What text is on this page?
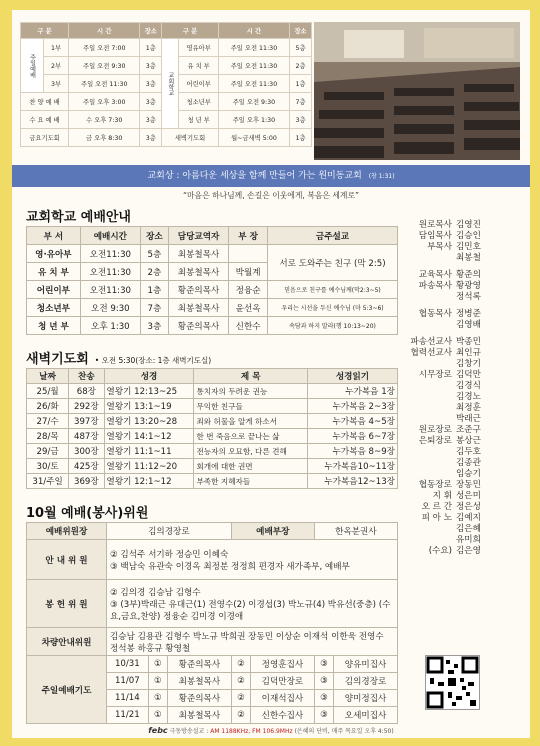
구 분		시 간	장소	구 분		시 간	장소
주일예배	1부	주일 오전 7:00	1층	교회학교	영유아부	주일 오전 11:30	5층
	2부	주일 오전 9:30	3층		유 치 부	주일 오전 11:30	2층
	3부	주일 오전 11:30	3층		어린이부	주일 오전 11:30	1층
찬 양 예 배		주일 오후 3:00	3층		청소년부	주일 오전 9:30	7층
수 요 예 배		수 오후 7:30	3층		청 년 부	주일 오후 1:30	3층
금요기도회		금 오후 8:30	3층	새벽기도회		월~금새벽 5:00	1층
교회상 : 아름다운 세상을 함께 만들어 가는 원미동교회 (창 1:31)
“마음은 하나님께, 손길은 이웃에게, 복음은 세계로”
교회학교 예배안내
부 서	예배시간	장소	담당교역자	부 장	금주설교
영·유아부	오전11:30	5층	최봉철목사		서로 도와주는 친구 (막 2:5)
유 치 부	오전11:30	2층	최봉철목사	박월계	
어린이부	오전11:30	1층	황준의목사	정융순	믿음으로 친구를 예수님께(막2:3~5)
청소년부	오전 9:30	7층	최봉철목사	윤선옥	우리는 시선을 두신 예수님 (마 5:3~6)
청 년 부	오후 1:30	3층	황준의목사	신한수	속담과 하지 말라(행 10:13~20)
새벽기도회 • 오전 5:30(장소: 1층 새벽기도실)
날짜	찬송	성경	제 목	성경읽기
25/월	68장	열왕기 12:13~25	통치자의 두려운 권능	누가복음 1장
26/화	292장	열왕기 13:1~19	무익한 친구들	누가복음 2~3장
27/수	397장	열왕기 13:20~28	죄와 허물을 알게 하소서	누가복음 4~5장
28/목	487장	열왕기 14:1~12	한 번 죽음으로 끝나는 삶	누가복음 6~7장
29/금	300장	열왕기 11:1~11	전능자의 오묘함, 다른 견해	누가복음 8~9장
30/토	425장	열왕기 11:12~20	회개에 대한 권면	누가복음10~11장
31/주일	369장	열왕기 12:1~12	부족한 지혜자들	누가복음12~13장
10월 예배(봉사)위원
예배위원장	김의경장로			예배부장		한옥분권사	
안 내 위 원	② 김석주 서기하 정승민 이혜숙
③ 백남숙 유관숙 이경옥 최정분 정정희 편경자 새가족부, 예배부						

봉 헌 위 원	② 김의경 김승남 김형수
③ (3부)박래근 유대근(1) 전영수(2) 이경섭(3) 박노규(4) 박유선(중층) (수요,금요,찬양) 정융순 김미경 이경애						

차량안내위원	김승남 김용관 김형수 박노규 박희권 장동민 이상순 이재석 이한욱 전영수 정석봉 하홍규 황영철						
주일예배기도	10/31	①	황준의목사	②	정영훈집사	③	양유미집사
	11/07	①	최봉철목사	②	김덕만장로	③	김의경장로
	11/14	①	황준의목사	②	이재석집사	③	양미정집사
	11/21	①	최봉철목사	②	신한수집사	③	오세미집사
원로목사 김영진
담임목사 김승인
부목사 김민호
최봉철
교육목사 황준의
파송목사 황광영
정석록
협동목사 정병준
김영배
파송선교사 박종민
협력선교사 최인규
김창기
시무장로 김덕만
김경식
김경노
최정훈
박래근
원로장로 조준구
은퇴장로 봉상근
김두호
김종관
임승기
협동장로 장동민
지 휘 성은미
오 르 간 정은성
피 아 노 김예지
김은혜
유미희
(수요) 김은영
febc 극동방송설교 : AM 1188KHz, FM 106.9MHz (은혜의 단비, 매주 목요일 오후 4:50)
